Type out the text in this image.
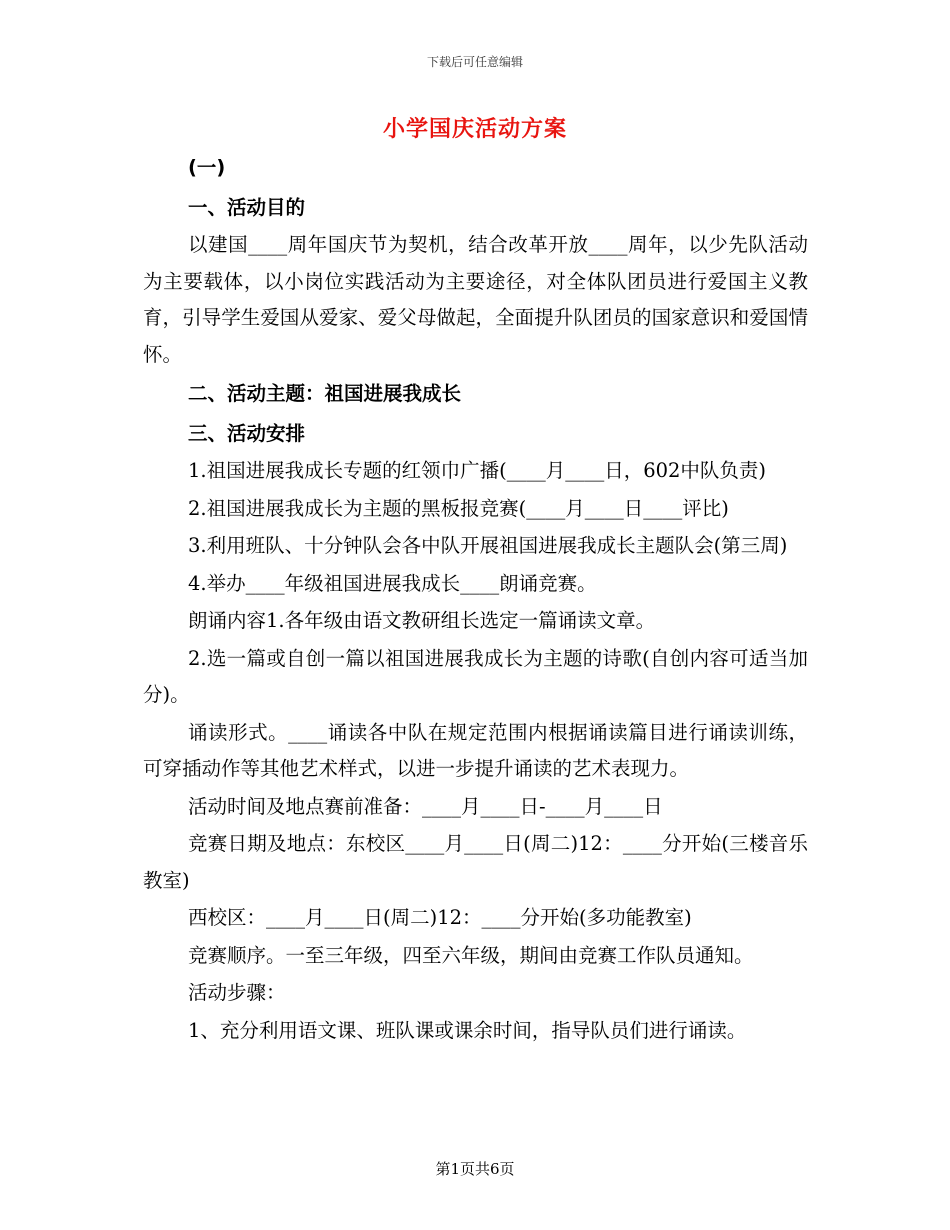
下载后可任意编辑
小学国庆活动方案

(一)

一、活动目的

以建国____周年国庆节为契机，结合改革开放____周年，以少先队活动为主要载体，以小岗位实践活动为主要途径，对全体队团员进行爱国主义教育，引导学生爱国从爱家、爱父母做起，全面提升队团员的国家意识和爱国情怀。

二、活动主题：祖国进展我成长

三、活动安排

1.祖国进展我成长专题的红领巾广播(____月____日，602中队负责)

2.祖国进展我成长为主题的黑板报竞赛(____月____日____评比)

3.利用班队、十分钟队会各中队开展祖国进展我成长主题队会(第三周)

4.举办____年级祖国进展我成长____朗诵竞赛。

朗诵内容1.各年级由语文教研组长选定一篇诵读文章。

2.选一篇或自创一篇以祖国进展我成长为主题的诗歌(自创内容可适当加分)。

诵读形式。____诵读各中队在规定范围内根据诵读篇目进行诵读训练，可穿插动作等其他艺术样式，以进一步提升诵读的艺术表现力。

活动时间及地点赛前准备：____月____日-____月____日

竞赛日期及地点：东校区____月____日(周二)12：____分开始(三楼音乐教室)

西校区：____月____日(周二)12：____分开始(多功能教室)

竞赛顺序。一至三年级，四至六年级，期间由竞赛工作队员通知。

活动步骤：

1、充分利用语文课、班队课或课余时间，指导队员们进行诵读。

第1页共6页
